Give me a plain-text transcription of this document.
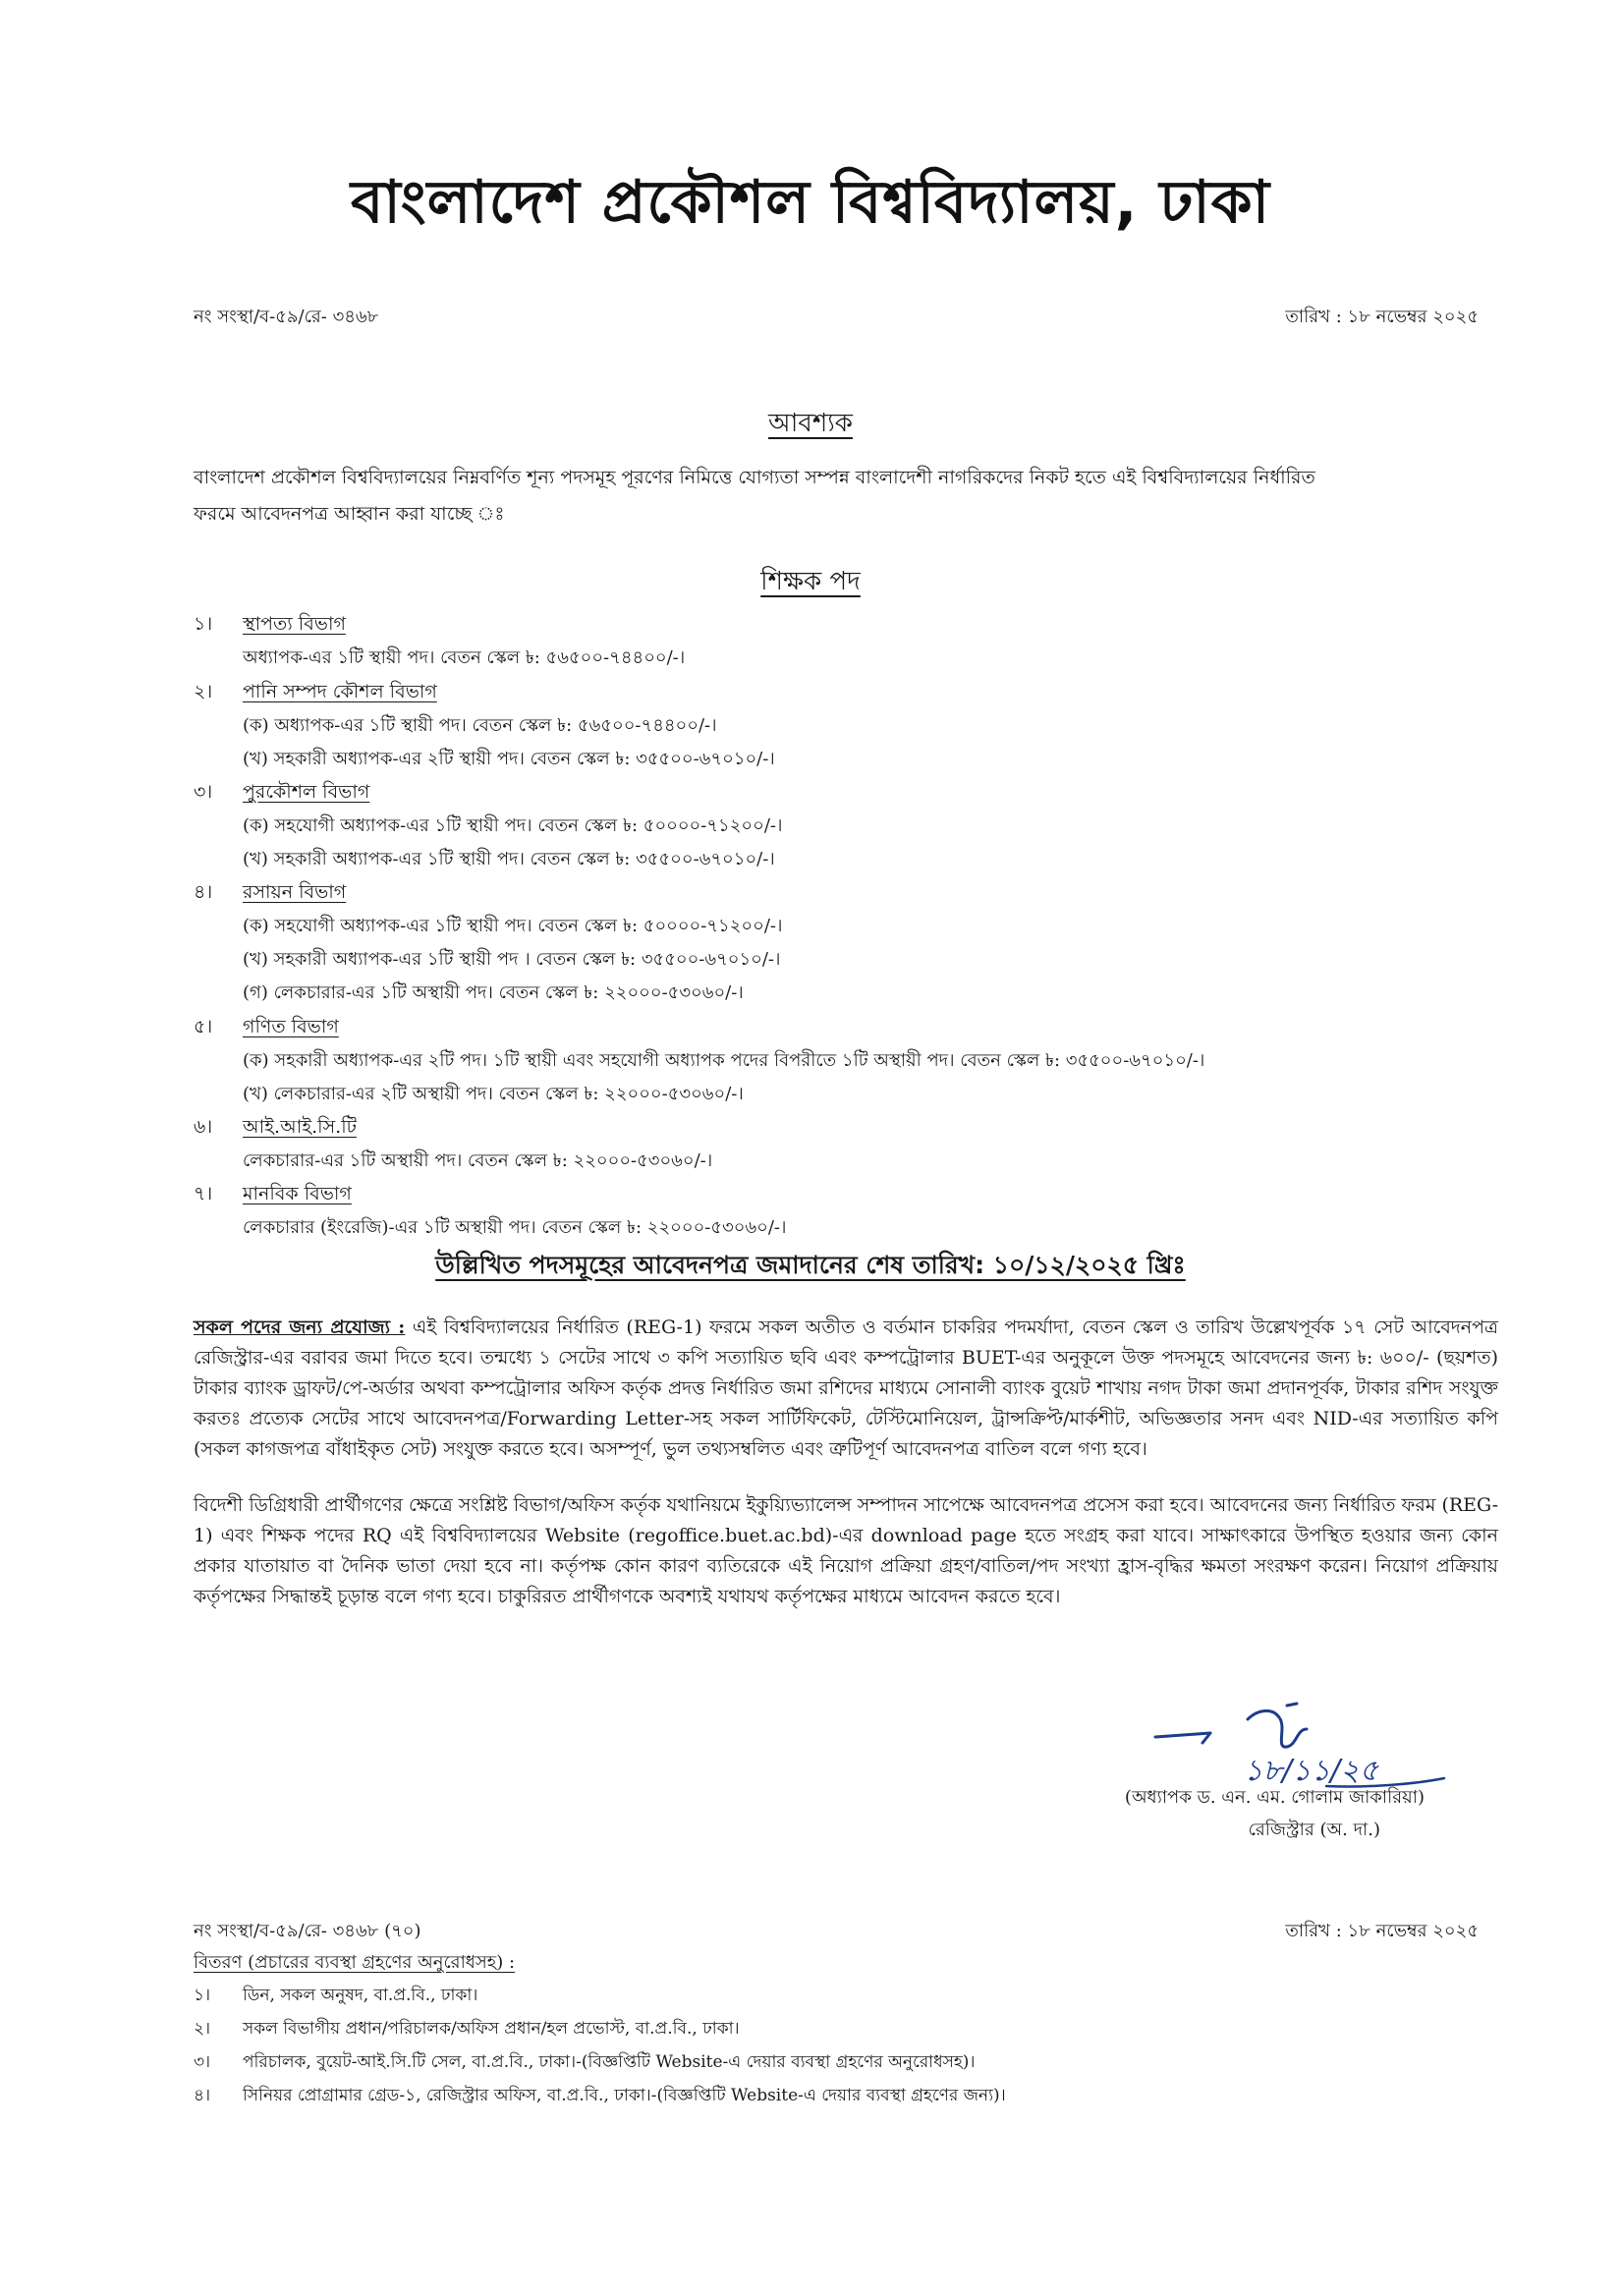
বাংলাদেশ প্রকৌশল বিশ্ববিদ্যালয়, ঢাকা
নং সংস্থা/ব-৫৯/রে- ৩৪৬৮	তারিখ : ১৮ নভেম্বর ২০২৫
আবশ্যক
বাংলাদেশ প্রকৌশল বিশ্ববিদ্যালয়ের নিম্নবর্ণিত শূন্য পদসমূহ পূরণের নিমিত্তে যোগ্যতা সম্পন্ন বাংলাদেশী নাগরিকদের নিকট হতে এই বিশ্ববিদ্যালয়ের নির্ধারিত
ফরমে আবেদনপত্র আহ্বান করা যাচ্ছে ঃ
শিক্ষক পদ
১। স্থাপত্য বিভাগ
অধ্যাপক-এর ১টি স্থায়ী পদ। বেতন স্কেল ৳: ৫৬৫০০-৭৪৪০০/-।
২। পানি সম্পদ কৌশল বিভাগ
(ক) অধ্যাপক-এর ১টি স্থায়ী পদ। বেতন স্কেল ৳: ৫৬৫০০-৭৪৪০০/-।
(খ) সহকারী অধ্যাপক-এর ২টি স্থায়ী পদ। বেতন স্কেল ৳: ৩৫৫০০-৬৭০১০/-।
৩। পুরকৌশল বিভাগ
(ক) সহযোগী অধ্যাপক-এর ১টি স্থায়ী পদ। বেতন স্কেল ৳: ৫০০০০-৭১২০০/-।
(খ) সহকারী অধ্যাপক-এর ১টি স্থায়ী পদ। বেতন স্কেল ৳: ৩৫৫০০-৬৭০১০/-।
৪। রসায়ন বিভাগ
(ক) সহযোগী অধ্যাপক-এর ১টি স্থায়ী পদ। বেতন স্কেল ৳: ৫০০০০-৭১২০০/-।
(খ) সহকারী অধ্যাপক-এর ১টি স্থায়ী পদ । বেতন স্কেল ৳: ৩৫৫০০-৬৭০১০/-।
(গ) লেকচারার-এর ১টি অস্থায়ী পদ। বেতন স্কেল ৳: ২২০০০-৫৩০৬০/-।
৫। গণিত বিভাগ
(ক) সহকারী অধ্যাপক-এর ২টি পদ। ১টি স্থায়ী এবং সহযোগী অধ্যাপক পদের বিপরীতে ১টি অস্থায়ী পদ। বেতন স্কেল ৳: ৩৫৫০০-৬৭০১০/-।
(খ) লেকচারার-এর ২টি অস্থায়ী পদ। বেতন স্কেল ৳: ২২০০০-৫৩০৬০/-।
৬। আই.আই.সি.টি
লেকচারার-এর ১টি অস্থায়ী পদ। বেতন স্কেল ৳: ২২০০০-৫৩০৬০/-।
৭। মানবিক বিভাগ
লেকচারার (ইংরেজি)-এর ১টি অস্থায়ী পদ। বেতন স্কেল ৳: ২২০০০-৫৩০৬০/-।
উল্লিখিত পদসমূহের আবেদনপত্র জমাদানের শেষ তারিখ: ১০/১২/২০২৫ খ্রিঃ
সকল পদের জন্য প্রযোজ্য : এই বিশ্ববিদ্যালয়ের নির্ধারিত (REG-1) ফরমে সকল অতীত ও বর্তমান চাকরির পদমর্যাদা, বেতন স্কেল ও তারিখ উল্লেখপূর্বক ১৭ সেট আবেদনপত্র রেজিস্ট্রার-এর বরাবর জমা দিতে হবে। তন্মধ্যে ১ সেটের সাথে ৩ কপি সত্যায়িত ছবি এবং কম্পট্রোলার BUET-এর অনুকূলে উক্ত পদসমূহে আবেদনের জন্য ৳: ৬০০/- (ছয়শত) টাকার ব্যাংক ড্রাফট/পে-অর্ডার অথবা কম্পট্রোলার অফিস কর্তৃক প্রদত্ত নির্ধারিত জমা রশিদের মাধ্যমে সোনালী ব্যাংক বুয়েট শাখায় নগদ টাকা জমা প্রদানপূর্বক, টাকার রশিদ সংযুক্ত করতঃ প্রত্যেক সেটের সাথে আবেদনপত্র/Forwarding Letter-সহ সকল সার্টিফিকেট, টেস্টিমোনিয়েল, ট্রান্সক্রিপ্ট/মার্কশীট, অভিজ্ঞতার সনদ এবং NID-এর সত্যায়িত কপি (সকল কাগজপত্র বাঁধাইকৃত সেট) সংযুক্ত করতে হবে। অসম্পূর্ণ, ভুল তথ্যসম্বলিত এবং ত্রুটিপূর্ণ আবেদনপত্র বাতিল বলে গণ্য হবে।
বিদেশী ডিগ্রিধারী প্রার্থীগণের ক্ষেত্রে সংশ্লিষ্ট বিভাগ/অফিস কর্তৃক যথানিয়মে ইকুয়্যিভ্যালেন্স সম্পাদন সাপেক্ষে আবেদনপত্র প্রসেস করা হবে। আবেদনের জন্য নির্ধারিত ফরম (REG-1) এবং শিক্ষক পদের RQ এই বিশ্ববিদ্যালয়ের Website (regoffice.buet.ac.bd)-এর download page হতে সংগ্রহ করা যাবে। সাক্ষাৎকারে উপস্থিত হওয়ার জন্য কোন প্রকার যাতায়াত বা দৈনিক ভাতা দেয়া হবে না। কর্তৃপক্ষ কোন কারণ ব্যতিরেকে এই নিয়োগ প্রক্রিয়া গ্রহণ/বাতিল/পদ সংখ্যা হ্রাস-বৃদ্ধির ক্ষমতা সংরক্ষণ করেন। নিয়োগ প্রক্রিয়ায় কর্তৃপক্ষের সিদ্ধান্তই চূড়ান্ত বলে গণ্য হবে। চাকুরিরত প্রার্থীগণকে অবশ্যই যথাযথ কর্তৃপক্ষের মাধ্যমে আবেদন করতে হবে।
১৮/১১/২৫
(অধ্যাপক ড. এন. এম. গোলাম জাকারিয়া)
রেজিস্ট্রার (অ. দা.)
নং সংস্থা/ব-৫৯/রে- ৩৪৬৮ (৭০)	তারিখ : ১৮ নভেম্বর ২০২৫
বিতরণ (প্রচারের ব্যবস্থা গ্রহণের অনুরোধসহ) :
১। ডিন, সকল অনুষদ, বা.প্র.বি., ঢাকা।
২। সকল বিভাগীয় প্রধান/পরিচালক/অফিস প্রধান/হল প্রভোস্ট, বা.প্র.বি., ঢাকা।
৩। পরিচালক, বুয়েট-আই.সি.টি সেল, বা.প্র.বি., ঢাকা।-(বিজ্ঞপ্তিটি Website-এ দেয়ার ব্যবস্থা গ্রহণের অনুরোধসহ)।
৪। সিনিয়র প্রোগ্রামার গ্রেড-১, রেজিস্ট্রার অফিস, বা.প্র.বি., ঢাকা।-(বিজ্ঞপ্তিটি Website-এ দেয়ার ব্যবস্থা গ্রহণের জন্য)।
